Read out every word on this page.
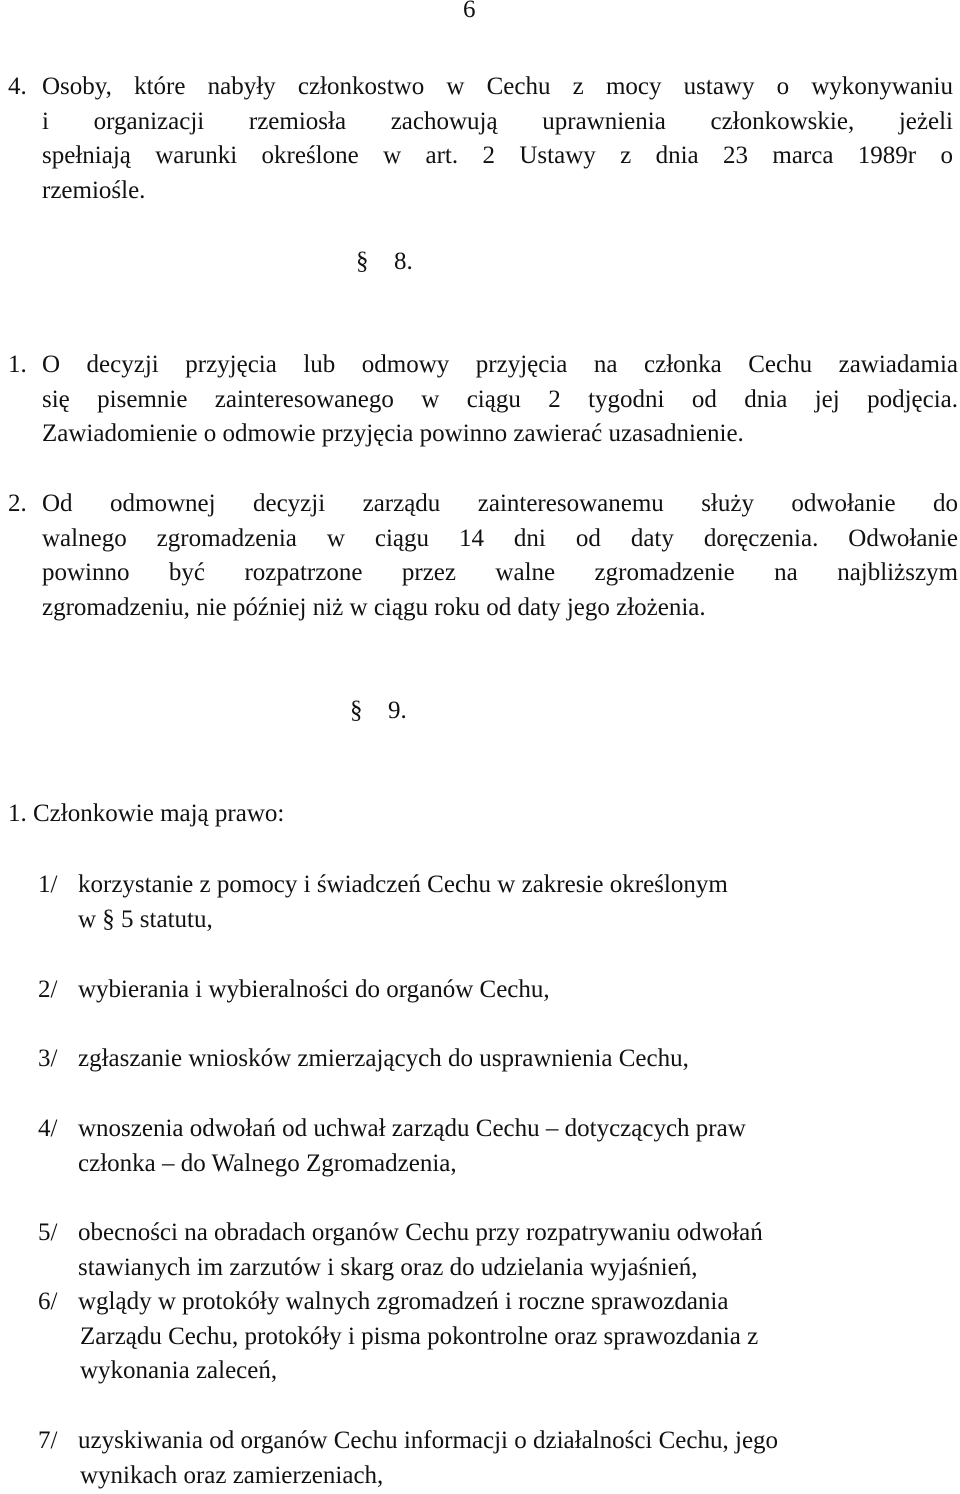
6
4. Osoby, które nabyły członkostwo w Cechu z mocy ustawy o wykonywaniu
i organizacji rzemiosła zachowują uprawnienia członkowskie, jeżeli
spełniają warunki określone w art. 2 Ustawy z dnia 23 marca 1989r o
rzemiośle.
§ 8.
1. O decyzji przyjęcia lub odmowy przyjęcia na członka Cechu zawiadamia
się pisemnie zainteresowanego w ciągu 2 tygodni od dnia jej podjęcia.
Zawiadomienie o odmowie przyjęcia powinno zawierać uzasadnienie.
2. Od odmownej decyzji zarządu zainteresowanemu służy odwołanie do
walnego zgromadzenia w ciągu 14 dni od daty doręczenia. Odwołanie
powinno być rozpatrzone przez walne zgromadzenie na najbliższym
zgromadzeniu, nie później niż w ciągu roku od daty jego złożenia.
§ 9.
1. Członkowie mają prawo:
1/ korzystanie z pomocy i świadczeń Cechu w zakresie określonym
w § 5 statutu,
2/ wybierania i wybieralności do organów Cechu,
3/ zgłaszanie wniosków zmierzających do usprawnienia Cechu,
4/ wnoszenia odwołań od uchwał zarządu Cechu – dotyczących praw
członka – do Walnego Zgromadzenia,
5/ obecności na obradach organów Cechu przy rozpatrywaniu odwołań
stawianych im zarzutów i skarg oraz do udzielania wyjaśnień,
6/ wglądy w protokóły walnych zgromadzeń i roczne sprawozdania
Zarządu Cechu, protokóły i pisma pokontrolne oraz sprawozdania z
wykonania zaleceń,
7/ uzyskiwania od organów Cechu informacji o działalności Cechu, jego
wynikach oraz zamierzeniach,
